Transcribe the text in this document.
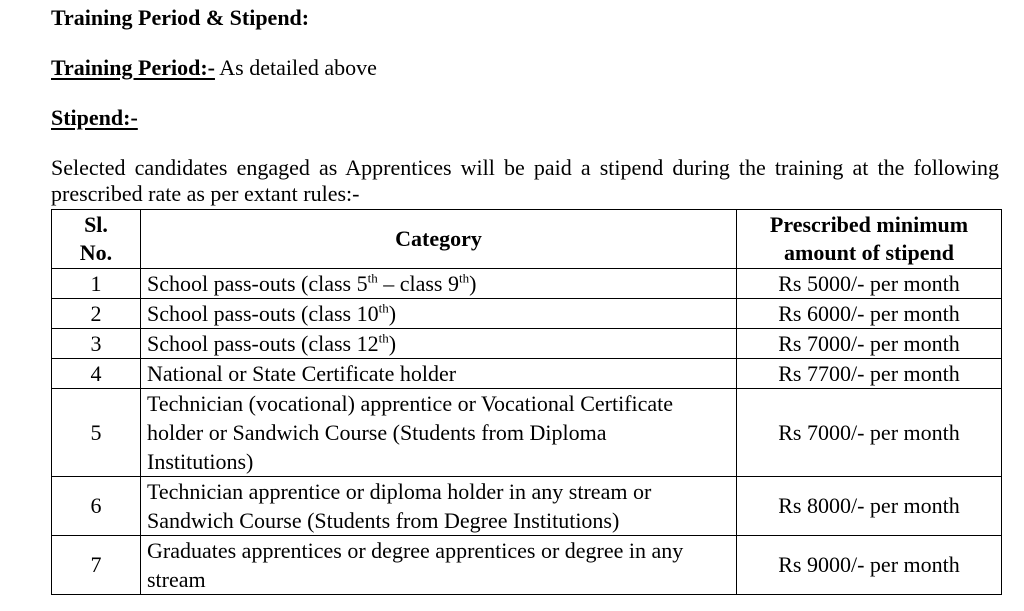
Training Period & Stipend:
Training Period:- As detailed above
Stipend:-
Selected candidates engaged as Apprentices will be paid a stipend during the training at the following prescribed rate as per extant rules:-
Sl. No.	Category	Prescribed minimum amount of stipend
1	School pass-outs (class 5th – class 9th)	Rs 5000/- per month
2	School pass-outs (class 10th)	Rs 6000/- per month
3	School pass-outs (class 12th)	Rs 7000/- per month
4	National or State Certificate holder	Rs 7700/- per month
5	Technician (vocational) apprentice or Vocational Certificate holder or Sandwich Course (Students from Diploma Institutions)	Rs 7000/- per month
6	Technician apprentice or diploma holder in any stream or Sandwich Course (Students from Degree Institutions)	Rs 8000/- per month
7	Graduates apprentices or degree apprentices or degree in any stream	Rs 9000/- per month
